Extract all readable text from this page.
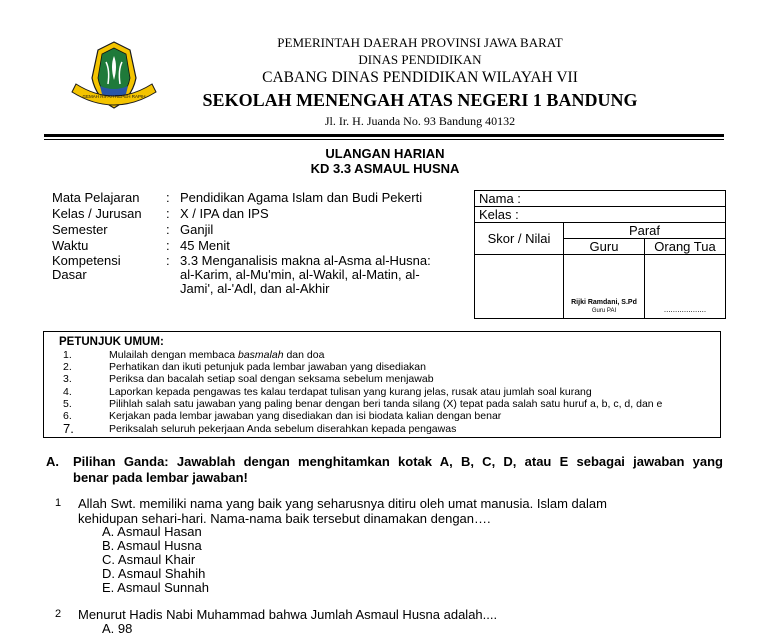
GEMAH RIPAH REPEH RAPIH
PEMERINTAH DAERAH PROVINSI JAWA BARAT
DINAS PENDIDIKAN
CABANG DINAS PENDIDIKAN WILAYAH VII
SEKOLAH MENENGAH ATAS NEGERI 1 BANDUNG
Jl. Ir. H. Juanda No. 93 Bandung 40132
ULANGAN HARIAN
KD 3.3 ASMAUL HUSNA
Mata Pelajaran : Pendidikan Agama Islam dan Budi Pekerti
Kelas / Jurusan : X / IPA dan IPS
Semester	: Ganjil
Waktu	: 45 Menit
Kompetensi
Dasar
: 3.3 Menganalisis makna al-Asma al-Husna:
al-Karim, al-Mu'min, al-Wakil, al-Matin, al-
Jami', al-'Adl, dan al-Akhir
Nama :		
Kelas :		
Skor / Nilai	Paraf	
	Guru	Orang Tua

	Rijki Ramdani, S.Pd
Guru PAI	...................
PETUNJUK UMUM:
1.	Mulailah dengan membaca basmalah dan doa
2.	Perhatikan dan ikuti petunjuk pada lembar jawaban yang disediakan
3.	Periksa dan bacalah setiap soal dengan seksama sebelum menjawab
4.	Laporkan kepada pengawas tes kalau terdapat tulisan yang kurang jelas, rusak atau jumlah soal kurang
5.	Pilihlah salah satu jawaban yang paling benar dengan beri tanda silang (X) tepat pada salah satu huruf a, b, c, d, dan e
6.	Kerjakan pada lembar jawaban yang disediakan dan isi biodata kalian dengan benar
7.	Periksalah seluruh pekerjaan Anda sebelum diserahkan kepada pengawas
A. Pilihan Ganda: Jawablah dengan menghitamkan kotak A, B, C, D, atau E sebagai jawaban yang
benar pada lembar jawaban!
1 Allah Swt. memiliki nama yang baik yang seharusnya ditiru oleh umat manusia. Islam dalam
kehidupan sehari-hari. Nama-nama baik tersebut dinamakan dengan….
A. Asmaul Hasan
B. Asmaul Husna
C. Asmaul Khair
D. Asmaul Shahih
E. Asmaul Sunnah
2 Menurut Hadis Nabi Muhammad bahwa Jumlah Asmaul Husna adalah....
A. 98
